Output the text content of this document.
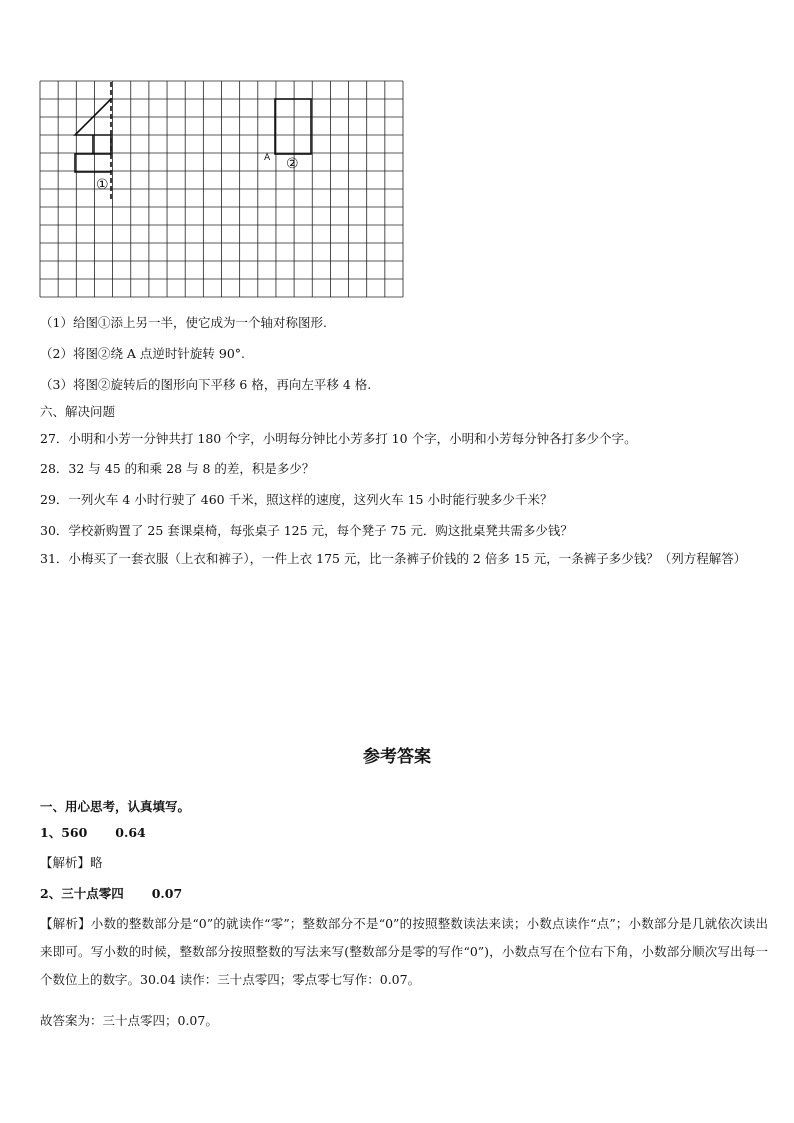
A ②
①
（1）给图①添上另一半，使它成为一个轴对称图形.
（2）将图②绕 A 点逆时针旋转 90°.
（3）将图②旋转后的图形向下平移 6 格，再向左平移 4 格.
六、解决问题
27．小明和小芳一分钟共打 180 个字，小明每分钟比小芳多打 10 个字，小明和小芳每分钟各打多少个字。
28．32 与 45 的和乘 28 与 8 的差，积是多少？
29．一列火车 4 小时行驶了 460 千米，照这样的速度，这列火车 15 小时能行驶多少千米？
30．学校新购置了 25 套课桌椅，每张桌子 125 元，每个凳子 75 元．购这批桌凳共需多少钱？
31．小梅买了一套衣服（上衣和裤子），一件上衣 175 元，比一条裤子价钱的 2 倍多 15 元，一条裤子多少钱？（列方程解答）
参考答案
一、用心思考，认真填写。
1、560 0.64
【解析】略
2、三十点零四 0.07
【解析】小数的整数部分是“0”的就读作“零”；整数部分不是“0”的按照整数读法来读；小数点读作“点”；小数部分是几就依次读出来即可。写小数的时候，整数部分按照整数的写法来写(整数部分是零的写作“0”)，小数点写在个位右下角，小数部分顺次写出每一个数位上的数字。30.04 读作：三十点零四；零点零七写作：0.07。
故答案为：三十点零四；0.07。
